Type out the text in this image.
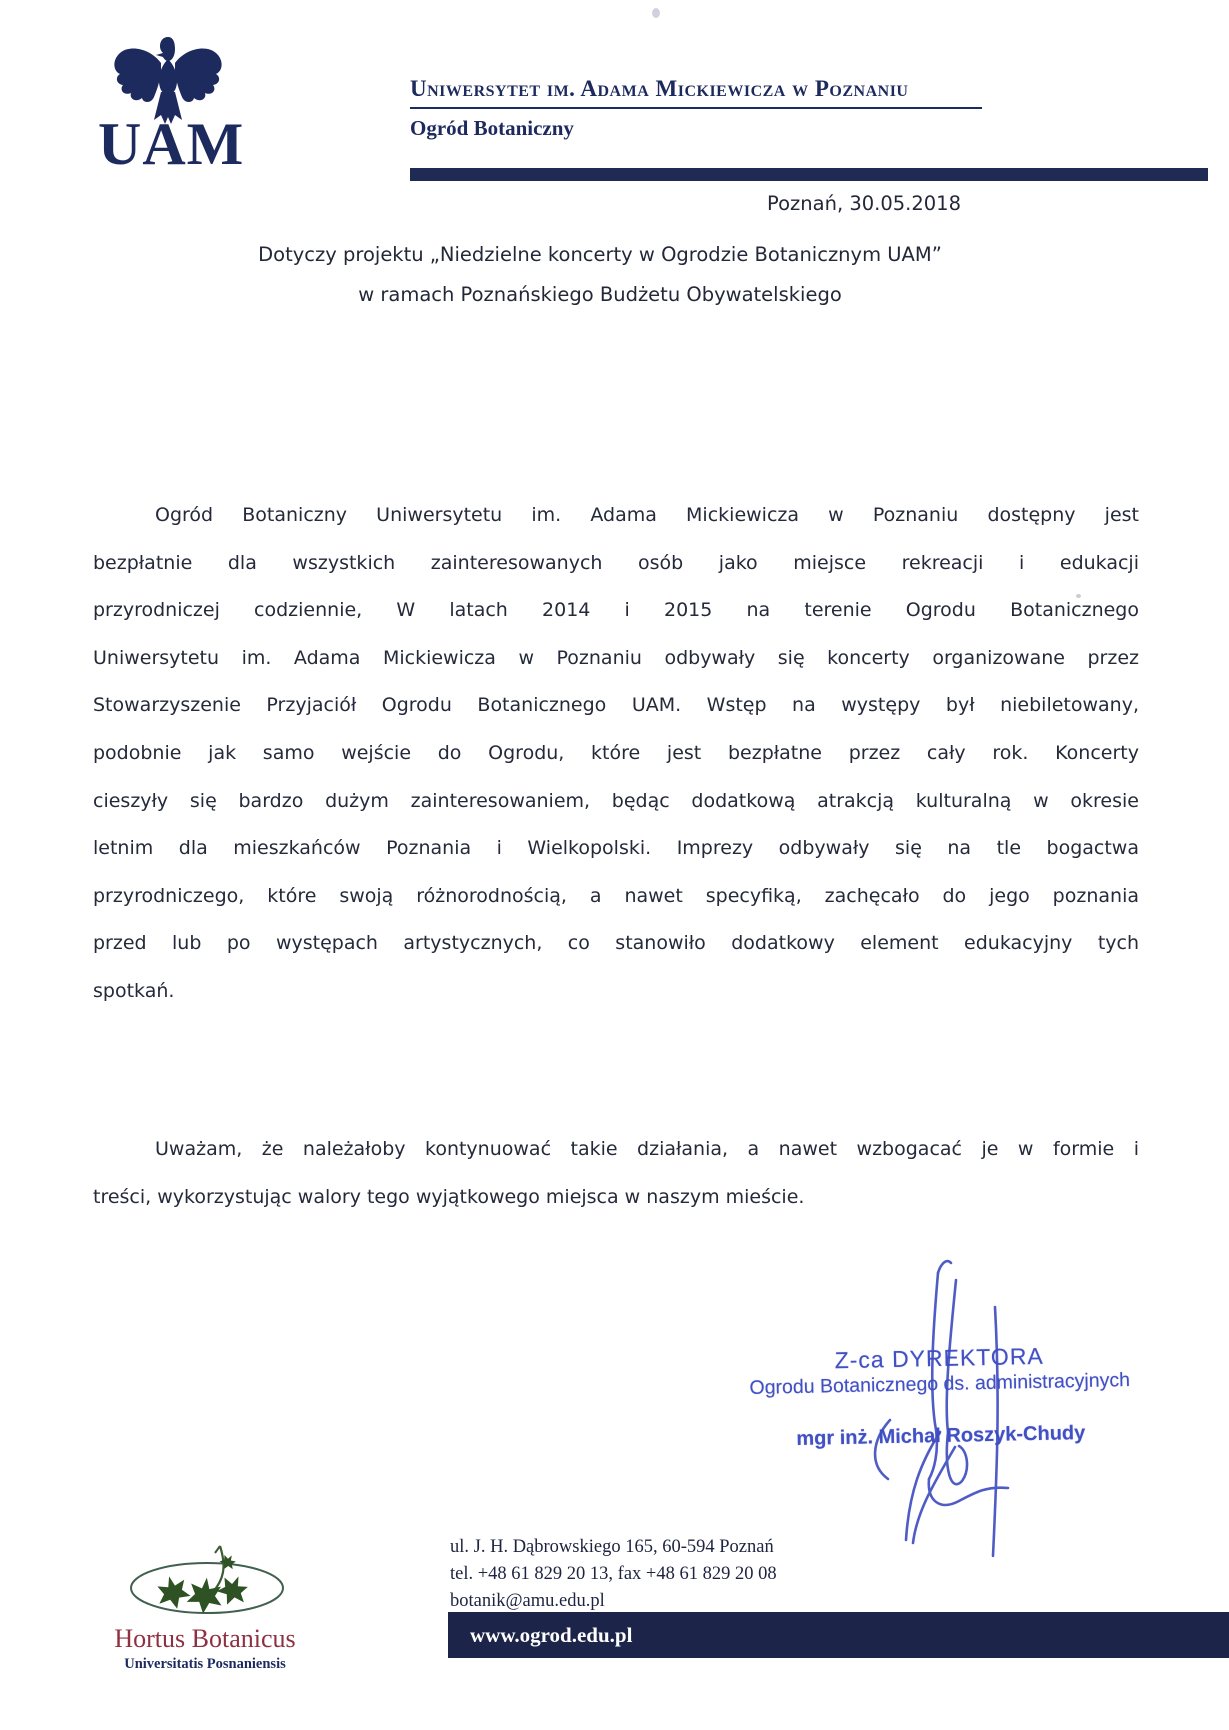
UAM
Uniwersytet im. Adama Mickiewicza w Poznaniu
Ogród Botaniczny
Poznań, 30.05.2018
Dotyczy projektu „Niedzielne koncerty w Ogrodzie Botanicznym UAM”
w ramach Poznańskiego Budżetu Obywatelskiego
Ogród Botaniczny Uniwersytetu im. Adama Mickiewicza w Poznaniu dostępny jest
bezpłatnie dla wszystkich zainteresowanych osób jako miejsce rekreacji i edukacji
przyrodniczej codziennie, W latach 2014 i 2015 na terenie Ogrodu Botanicznego
Uniwersytetu im. Adama Mickiewicza w Poznaniu odbywały się koncerty organizowane przez
Stowarzyszenie Przyjaciół Ogrodu Botanicznego UAM. Wstęp na występy był niebiletowany,
podobnie jak samo wejście do Ogrodu, które jest bezpłatne przez cały rok. Koncerty
cieszyły się bardzo dużym zainteresowaniem, będąc dodatkową atrakcją kulturalną w okresie
letnim dla mieszkańców Poznania i Wielkopolski. Imprezy odbywały się na tle bogactwa
przyrodniczego, które swoją różnorodnością, a nawet specyfiką, zachęcało do jego poznania
przed lub po występach artystycznych, co stanowiło dodatkowy element edukacyjny tych
spotkań.
Uważam, że należałoby kontynuować takie działania, a nawet wzbogacać je w formie i
treści, wykorzystując walory tego wyjątkowego miejsca w naszym mieście.
Z-ca DYREKTORA
Ogrodu Botanicznego ds. administracyjnych
mgr inż. Michał Roszyk-Chudy
Hortus Botanicus
Universitatis Posnaniensis
ul. J. H. Dąbrowskiego 165, 60-594 Poznań
tel. +48 61 829 20 13, fax +48 61 829 20 08
botanik@amu.edu.pl
www.ogrod.edu.pl
